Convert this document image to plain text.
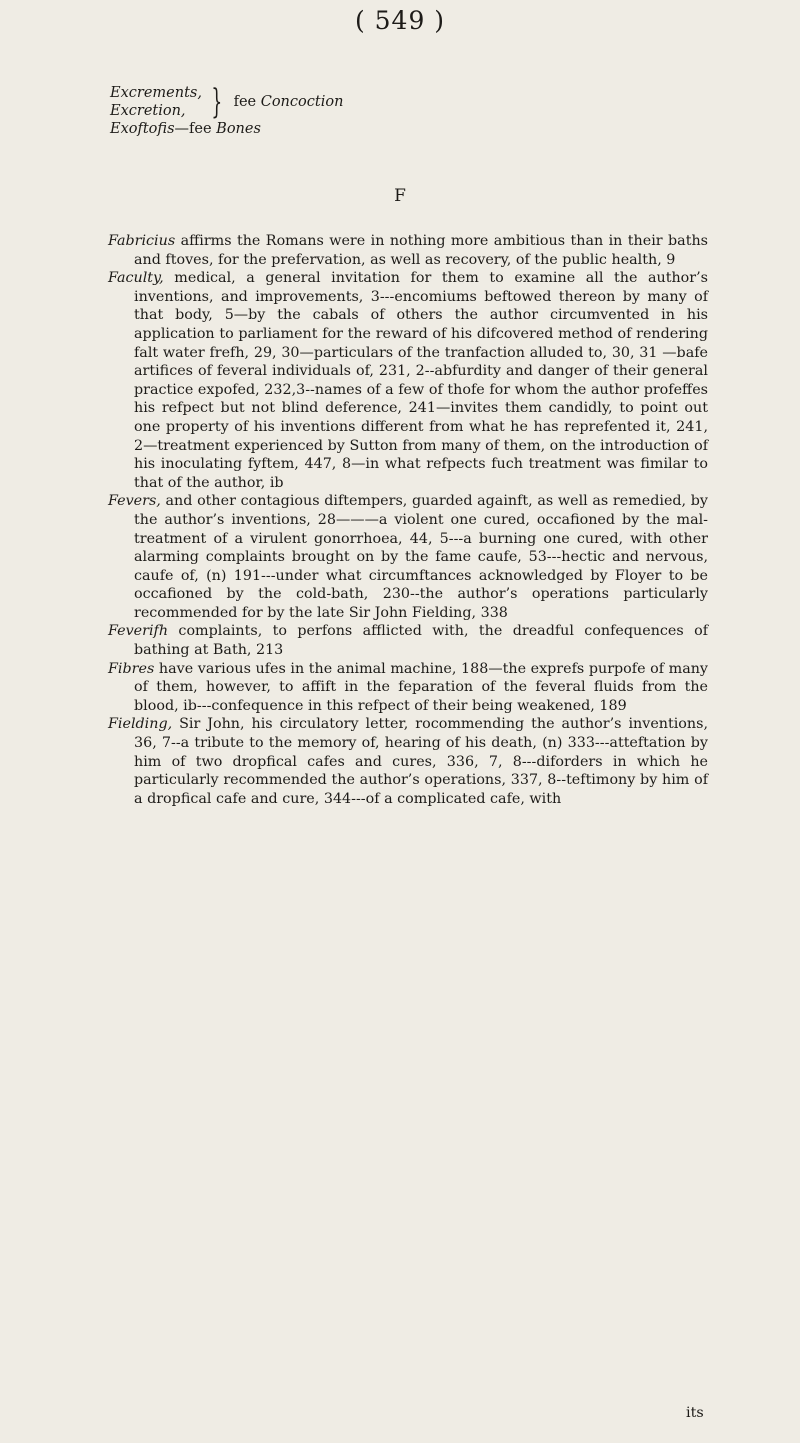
( 549 )
Excrements,
Excretion, } fee
Concoction
Exoftofis—fee Bones
F

Fabricius affirms the Romans were in nothing more ambitious than in their baths and ftoves, for the prefervation, as well as recovery, of the public health, 9

Faculty, medical, a general invitation for them to examine all the author’s inventions, and improvements, 3---encomiums beftowed thereon by many of that body, 5—by the cabals of others the author circumvented in his application to parliament for the reward of his difcovered method of rendering falt water frefh, 29, 30—particulars of the tranfaction alluded to, 30, 31 —bafe artifices of feveral individuals of, 231, 2--abfurdity and danger of their general practice expofed, 232,3--names of a few of thofe for whom the author profeffes his refpect but not blind deference, 241—invites them candidly, to point out one property of his inventions different from what he has reprefented it, 241, 2—treatment experienced by Sutton from many of them, on the introduction of his inoculating fyftem, 447, 8—in what refpects fuch treatment was fimilar to that of the author, ib

Fevers, and other contagious diftempers, guarded againft, as well as remedied, by the author’s inventions, 28———a violent one cured, occafioned by the mal-treatment of a virulent gonorrhoea, 44, 5---a burning one cured, with other alarming complaints brought on by the fame caufe, 53---hectic and nervous, caufe of, (n) 191---under what circumftances acknowledged by Floyer to be occafioned by the cold-bath, 230--the author’s operations particularly recommended for by the late Sir John Fielding, 338

Feverifh complaints, to perfons afflicted with, the dreadful confequences of bathing at Bath, 213

Fibres have various ufes in the animal machine, 188—the exprefs purpofe of many of them, however, to affift in the feparation of the feveral fluids from the blood, ib---confequence in this refpect of their being weakened, 189

Fielding, Sir John, his circulatory letter, rocommending the author’s inventions, 36, 7--a tribute to the memory of, hearing of his death, (n) 333---atteftation by him of two dropfical cafes and cures, 336, 7, 8---diforders in which he particularly recommended the author’s operations, 337, 8--teftimony by him of a dropfical cafe and cure, 344---of a complicated cafe, with

its
